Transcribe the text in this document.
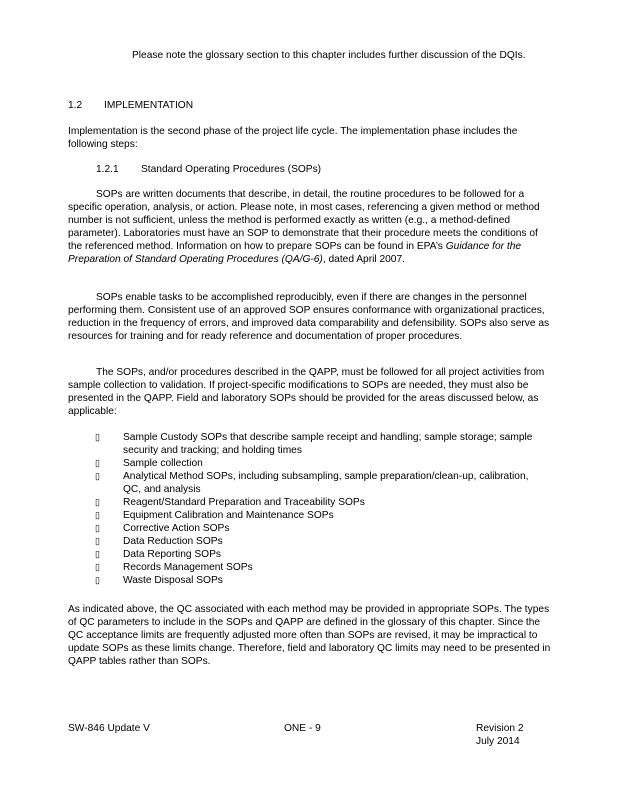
Please note the glossary section to this chapter includes further discussion of the DQIs.

1.2 IMPLEMENTATION

Implementation is the second phase of the project life cycle. The implementation phase includes the following steps:

1.2.1 Standard Operating Procedures (SOPs)

SOPs are written documents that describe, in detail, the routine procedures to be followed for a specific operation, analysis, or action. Please note, in most cases, referencing a given method or method number is not sufficient, unless the method is performed exactly as written (e.g., a method-defined parameter). Laboratories must have an SOP to demonstrate that their procedure meets the conditions of the referenced method. Information on how to prepare SOPs can be found in EPA’s Guidance for the Preparation of Standard Operating Procedures (QA/G-6), dated April 2007.

SOPs enable tasks to be accomplished reproducibly, even if there are changes in the personnel performing them. Consistent use of an approved SOP ensures conformance with organizational practices, reduction in the frequency of errors, and improved data comparability and defensibility. SOPs also serve as resources for training and for ready reference and documentation of proper procedures.

The SOPs, and/or procedures described in the QAPP, must be followed for all project activities from sample collection to validation. If project-specific modifications to SOPs are needed, they must also be presented in the QAPP. Field and laboratory SOPs should be provided for the areas discussed below, as applicable:

▯ Sample Custody SOPs that describe sample receipt and handling; sample storage; sample security and tracking; and holding times
▯ Sample collection
▯ Analytical Method SOPs, including subsampling, sample preparation/clean-up, calibration, QC, and analysis
▯ Reagent/Standard Preparation and Traceability SOPs
▯ Equipment Calibration and Maintenance SOPs
▯ Corrective Action SOPs
▯ Data Reduction SOPs
▯ Data Reporting SOPs
▯ Records Management SOPs
▯ Waste Disposal SOPs

As indicated above, the QC associated with each method may be provided in appropriate SOPs. The types of QC parameters to include in the SOPs and QAPP are defined in the glossary of this chapter. Since the QC acceptance limits are frequently adjusted more often than SOPs are revised, it may be impractical to update SOPs as these limits change. Therefore, field and laboratory QC limits may need to be presented in QAPP tables rather than SOPs.

SW-846 Update V	ONE - 9	Revision 2
July 2014
